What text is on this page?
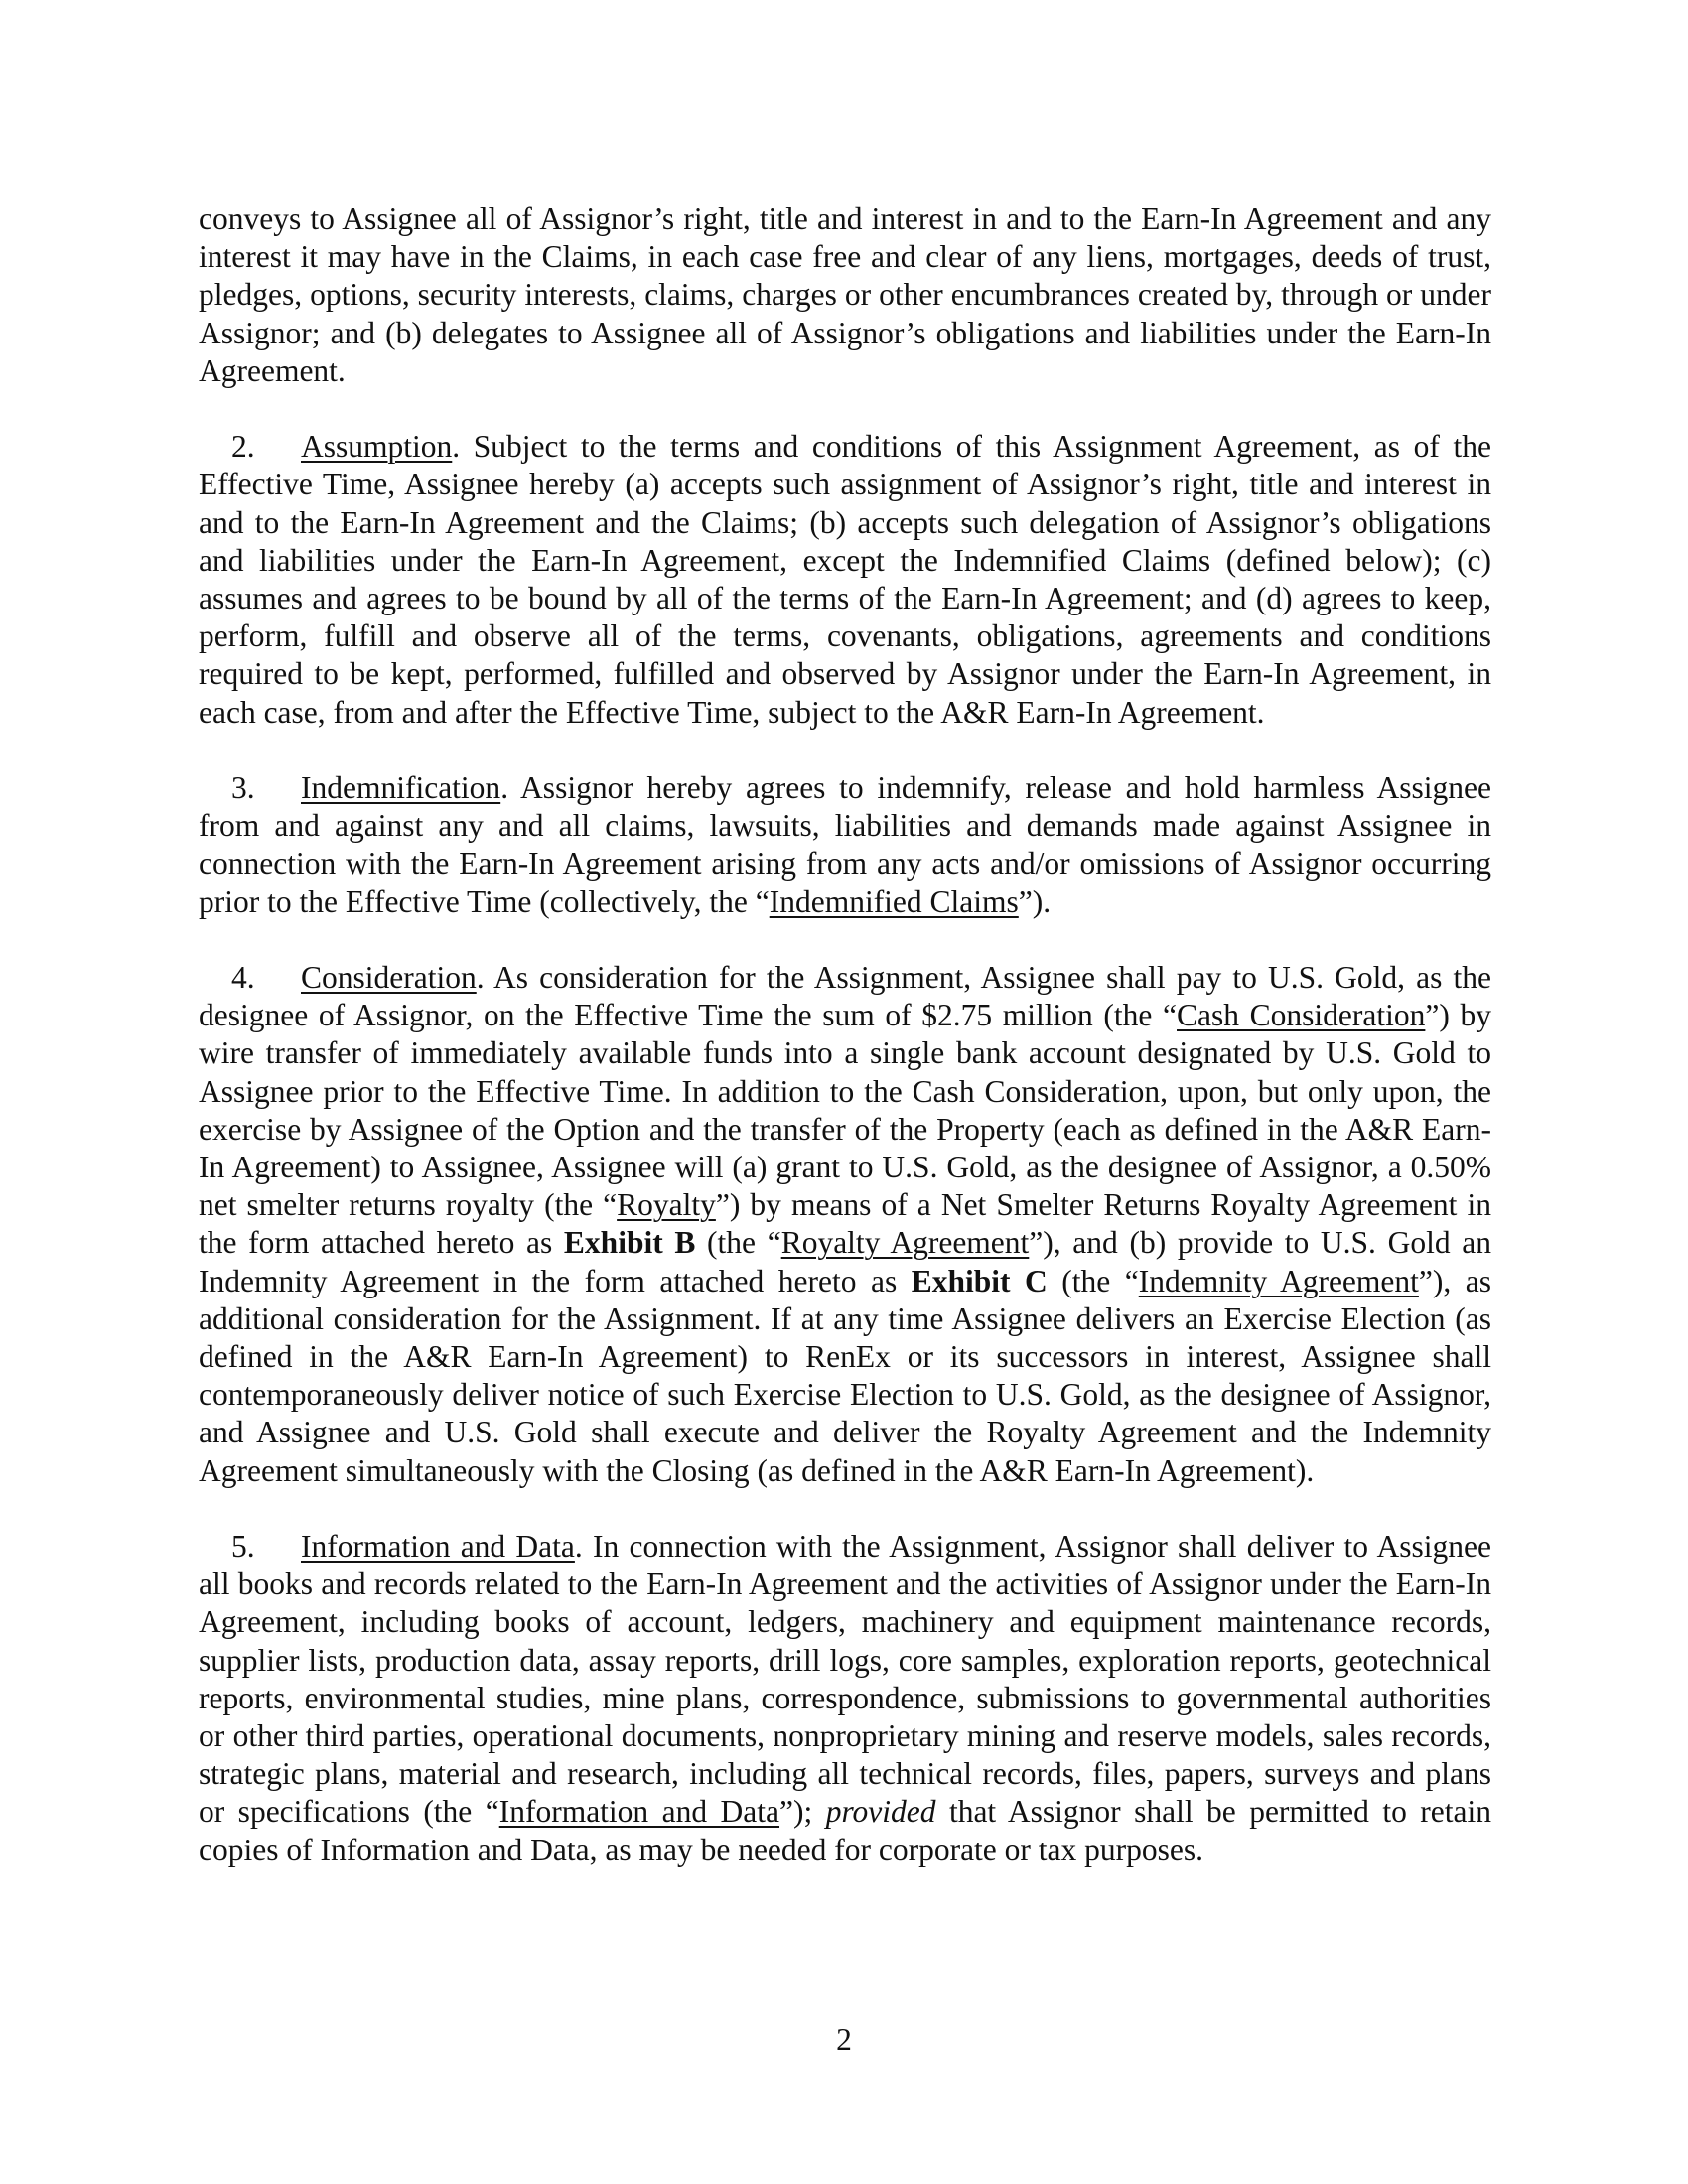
conveys to Assignee all of Assignor’s right, title and interest in and to the Earn-In Agreement and any interest it may have in the Claims, in each case free and clear of any liens, mortgages, deeds of trust, pledges, options, security interests, claims, charges or other encumbrances created by, through or under Assignor; and (b) delegates to Assignee all of Assignor’s obligations and liabilities under the Earn-In Agreement.

2. Assumption. Subject to the terms and conditions of this Assignment Agreement, as of the Effective Time, Assignee hereby (a) accepts such assignment of Assignor’s right, title and interest in and to the Earn-In Agreement and the Claims; (b) accepts such delegation of Assignor’s obligations and liabilities under the Earn-In Agreement, except the Indemnified Claims (defined below); (c) assumes and agrees to be bound by all of the terms of the Earn-In Agreement; and (d) agrees to keep, perform, fulfill and observe all of the terms, covenants, obligations, agreements and conditions required to be kept, performed, fulfilled and observed by Assignor under the Earn-In Agreement, in each case, from and after the Effective Time, subject to the A&R Earn-In Agreement.

3. Indemnification. Assignor hereby agrees to indemnify, release and hold harmless Assignee from and against any and all claims, lawsuits, liabilities and demands made against Assignee in connection with the Earn-In Agreement arising from any acts and/or omissions of Assignor occurring prior to the Effective Time (collectively, the “Indemnified Claims”).

4. Consideration. As consideration for the Assignment, Assignee shall pay to U.S. Gold, as the designee of Assignor, on the Effective Time the sum of $2.75 million (the “Cash Consideration”) by wire transfer of immediately available funds into a single bank account designated by U.S. Gold to Assignee prior to the Effective Time. In addition to the Cash Consideration, upon, but only upon, the exercise by Assignee of the Option and the transfer of the Property (each as defined in the A&R Earn-In Agreement) to Assignee, Assignee will (a) grant to U.S. Gold, as the designee of Assignor, a 0.50% net smelter returns royalty (the “Royalty”) by means of a Net Smelter Returns Royalty Agreement in the form attached hereto as Exhibit B (the “Royalty Agreement”), and (b) provide to U.S. Gold an Indemnity Agreement in the form attached hereto as Exhibit C (the “Indemnity Agreement”), as additional consideration for the Assignment. If at any time Assignee delivers an Exercise Election (as defined in the A&R Earn-In Agreement) to RenEx or its successors in interest, Assignee shall contemporaneously deliver notice of such Exercise Election to U.S. Gold, as the designee of Assignor, and Assignee and U.S. Gold shall execute and deliver the Royalty Agreement and the Indemnity Agreement simultaneously with the Closing (as defined in the A&R Earn-In Agreement).

5. Information and Data. In connection with the Assignment, Assignor shall deliver to Assignee all books and records related to the Earn-In Agreement and the activities of Assignor under the Earn-In Agreement, including books of account, ledgers, machinery and equipment maintenance records, supplier lists, production data, assay reports, drill logs, core samples, exploration reports, geotechnical reports, environmental studies, mine plans, correspondence, submissions to governmental authorities or other third parties, operational documents, nonproprietary mining and reserve models, sales records, strategic plans, material and research, including all technical records, files, papers, surveys and plans or specifications (the “Information and Data”); provided that Assignor shall be permitted to retain copies of Information and Data, as may be needed for corporate or tax purposes.

2
